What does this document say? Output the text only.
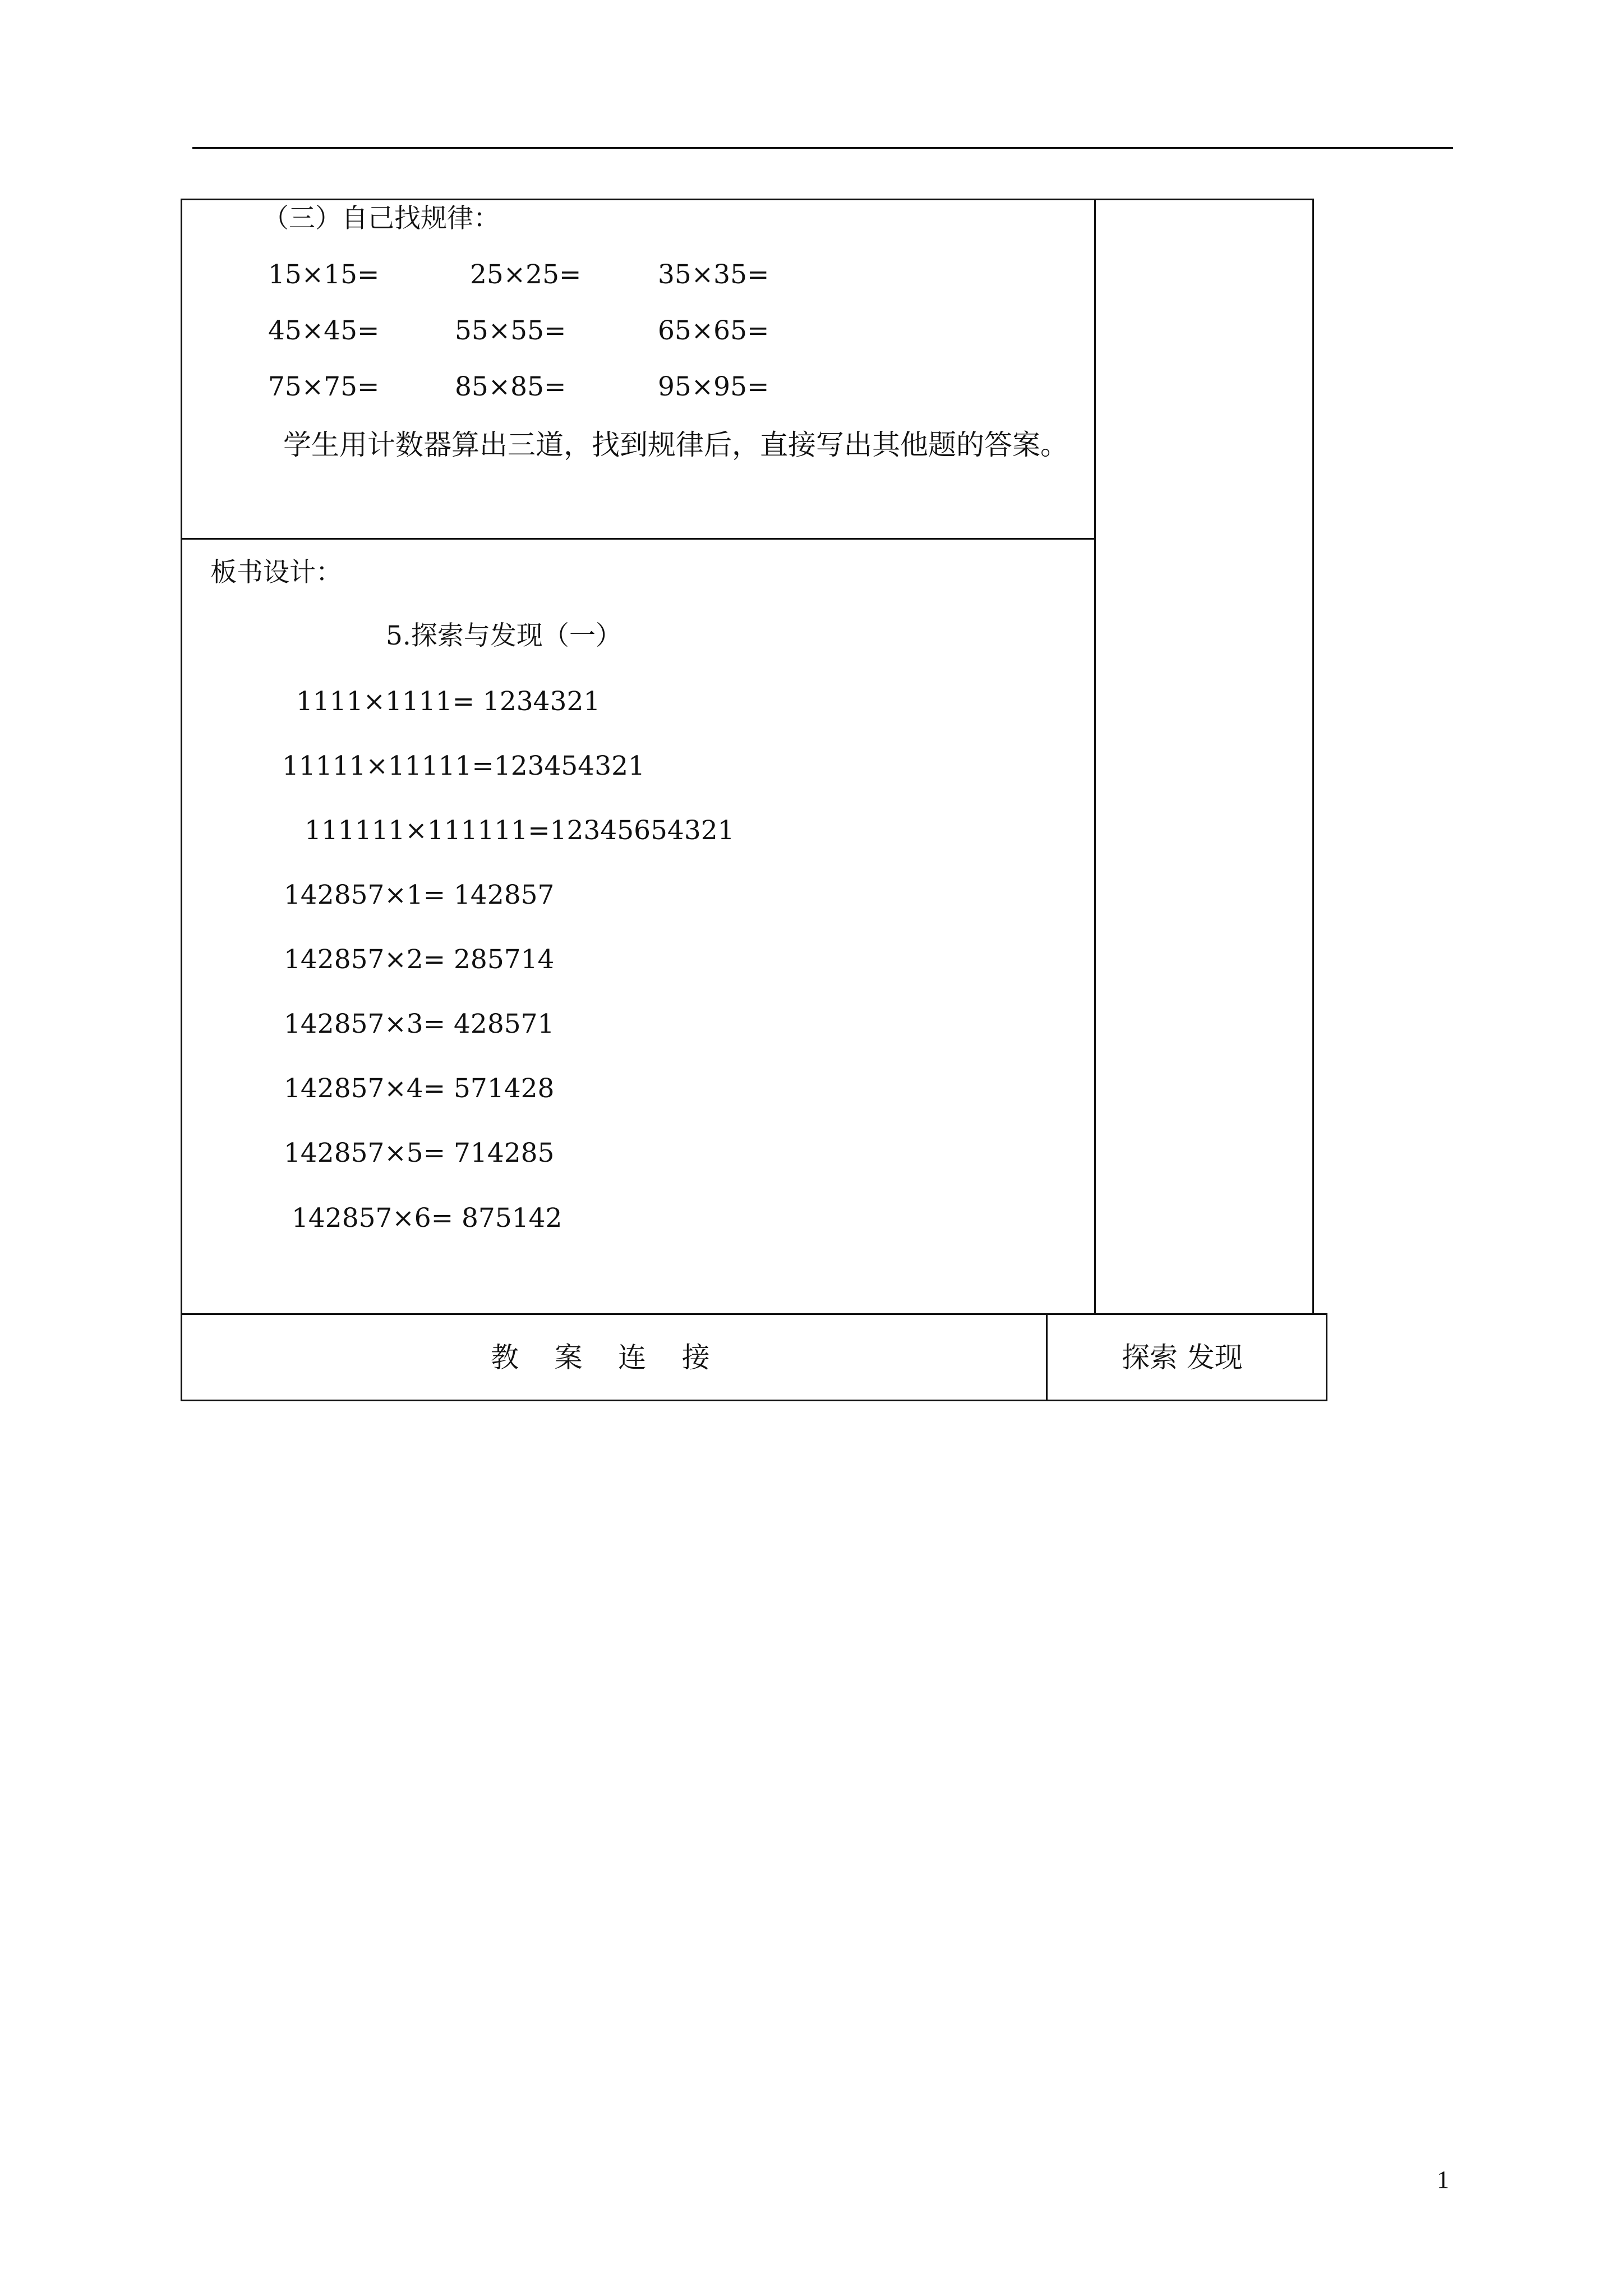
（三）自己找规律：
15×15=	25×25=	35×35=
45×45=	55×55=	65×65=
75×75=	85×85=	95×95=
学生用计数器算出三道，找到规律后，直接写出其他题的答案。
板书设计：
5.探索与发现（一）
1111×1111= 1234321
11111×11111=123454321
111111×111111=12345654321
142857×1= 142857
142857×2= 285714
142857×3= 428571
142857×4= 571428
142857×5= 714285
142857×6= 875142
教    案    连    接	探索 发现
1
